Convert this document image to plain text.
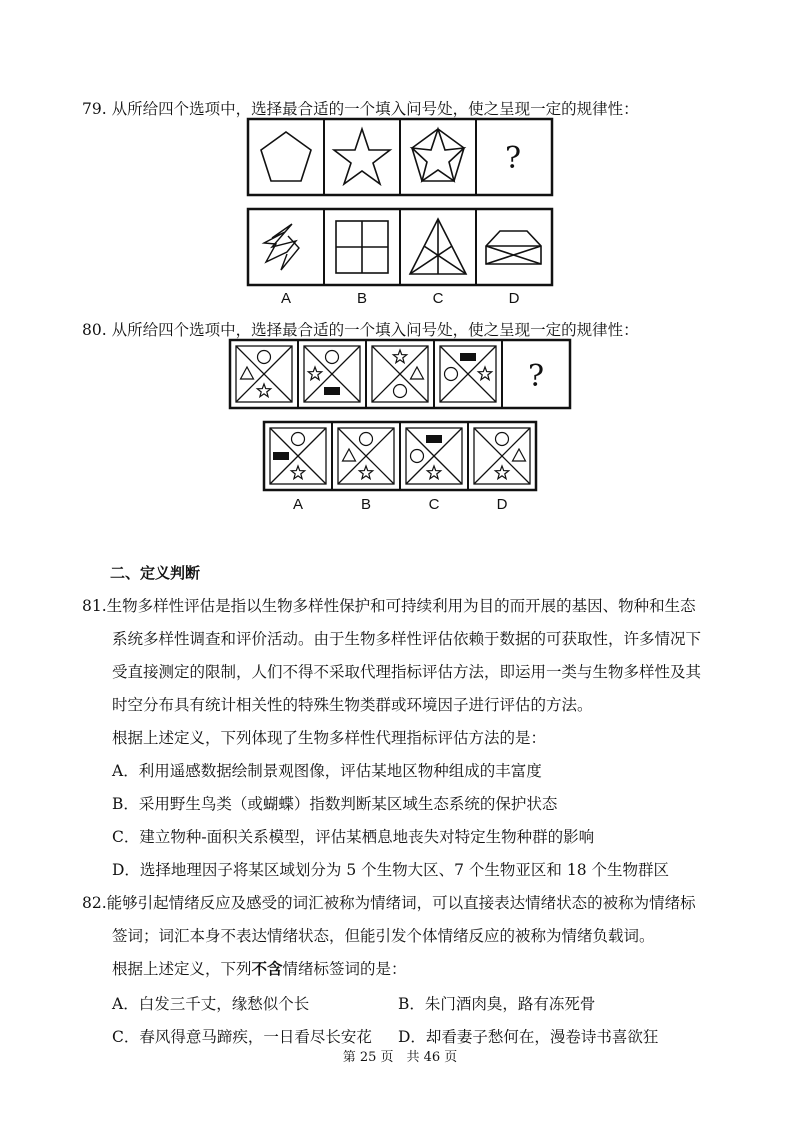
79. 从所给四个选项中，选择最合适的一个填入问号处，使之呈现一定的规律性：
?
A	B	C	D
?
A	B	C	D
80. 从所给四个选项中，选择最合适的一个填入问号处，使之呈现一定的规律性：
二、定义判断
81.生物多样性评估是指以生物多样性保护和可持续利用为目的而开展的基因、物种和生态
系统多样性调查和评价活动。由于生物多样性评估依赖于数据的可获取性，许多情况下
受直接测定的限制，人们不得不采取代理指标评估方法，即运用一类与生物多样性及其
时空分布具有统计相关性的特殊生物类群或环境因子进行评估的方法。
根据上述定义，下列体现了生物多样性代理指标评估方法的是：
A．利用遥感数据绘制景观图像，评估某地区物种组成的丰富度
B．采用野生鸟类（或蝴蝶）指数判断某区域生态系统的保护状态
C．建立物种-面积关系模型，评估某栖息地丧失对特定生物种群的影响
D．选择地理因子将某区域划分为 5 个生物大区、7 个生物亚区和 18 个生物群区
82.能够引起情绪反应及感受的词汇被称为情绪词，可以直接表达情绪状态的被称为情绪标
签词；词汇本身不表达情绪状态，但能引发个体情绪反应的被称为情绪负载词。
根据上述定义，下列不含情绪标签词的是：
A．白发三千丈，缘愁似个长	B．朱门酒肉臭，路有冻死骨
C．春风得意马蹄疾，一日看尽长安花 D．却看妻子愁何在，漫卷诗书喜欲狂
第 25 页　共 46 页
